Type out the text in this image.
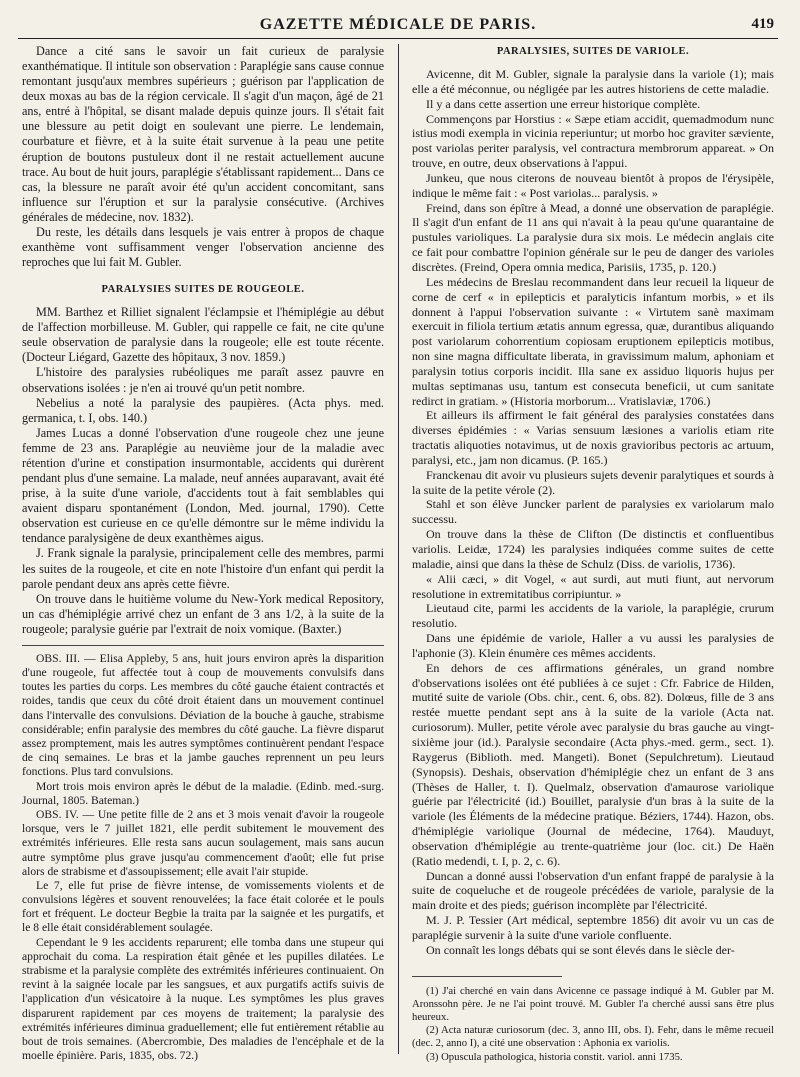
GAZETTE MÉDICALE DE PARIS.	419

Dance a cité sans le savoir un fait curieux de paralysie exanthématique. Il intitule son observation : Paraplégie sans cause connue remontant jusqu'aux membres supérieurs ; guérison par l'application de deux moxas au bas de la région cervicale. Il s'agit d'un maçon, âgé de 21 ans, entré à l'hôpital, se disant malade depuis quinze jours. Il s'était fait une blessure au petit doigt en soulevant une pierre. Le lendemain, courbature et fièvre, et à la suite était survenue à la peau une petite éruption de boutons pustuleux dont il ne restait actuellement aucune trace. Au bout de huit jours, paraplégie s'établissant rapidement... Dans ce cas, la blessure ne paraît avoir été qu'un accident concomitant, sans influence sur l'éruption et sur la paralysie consécutive. (Archives générales de médecine, nov. 1832).

Du reste, les détails dans lesquels je vais entrer à propos de chaque exanthème vont suffisamment venger l'observation ancienne des reproches que lui fait M. Gubler.

PARALYSIES SUITES DE ROUGEOLE.

MM. Barthez et Rilliet signalent l'éclampsie et l'hémiplégie au début de l'affection morbilleuse. M. Gubler, qui rappelle ce fait, ne cite qu'une seule observation de paralysie dans la rougeole; elle est toute récente. (Docteur Liégard, Gazette des hôpitaux, 3 nov. 1859.)

L'histoire des paralysies rubéoliques me paraît assez pauvre en observations isolées : je n'en ai trouvé qu'un petit nombre.

Nebelius a noté la paralysie des paupières. (Acta phys. med. germanica, t. I, obs. 140.)

James Lucas a donné l'observation d'une rougeole chez une jeune femme de 23 ans. Paraplégie au neuvième jour de la maladie avec rétention d'urine et constipation insurmontable, accidents qui durèrent pendant plus d'une semaine. La malade, neuf années auparavant, avait été prise, à la suite d'une variole, d'accidents tout à fait semblables qui avaient disparu spontanément (London, Med. journal, 1790). Cette observation est curieuse en ce qu'elle démontre sur le même individu la tendance paralysigène de deux exanthèmes aigus.

J. Frank signale la paralysie, principalement celle des membres, parmi les suites de la rougeole, et cite en note l'histoire d'un enfant qui perdit la parole pendant deux ans après cette fièvre.

On trouve dans le huitième volume du New-York medical Repository, un cas d'hémiplégie arrivé chez un enfant de 3 ans 1/2, à la suite de la rougeole; paralysie guérie par l'extrait de noix vomique. (Baxter.)

OBS. III. — Elisa Appleby, 5 ans, huit jours environ après la disparition d'une rougeole, fut affectée tout à coup de mouvements convulsifs dans toutes les parties du corps. Les membres du côté gauche étaient contractés et roides, tandis que ceux du côté droit étaient dans un mouvement continuel dans l'intervalle des convulsions. Déviation de la bouche à gauche, strabisme considérable; enfin paralysie des membres du côté gauche. La fièvre disparut assez promptement, mais les autres symptômes continuèrent pendant l'espace de cinq semaines. Le bras et la jambe gauches reprennent un peu leurs fonctions. Plus tard convulsions.

Mort trois mois environ après le début de la maladie. (Edinb. med.-surg. Journal, 1805. Bateman.)

OBS. IV. — Une petite fille de 2 ans et 3 mois venait d'avoir la rougeole lorsque, vers le 7 juillet 1821, elle perdit subitement le mouvement des extrémités inférieures. Elle resta sans aucun soulagement, mais sans aucun autre symptôme plus grave jusqu'au commencement d'août; elle fut prise alors de strabisme et d'assoupissement; elle avait l'air stupide.

Le 7, elle fut prise de fièvre intense, de vomissements violents et de convulsions légères et souvent renouvelées; la face était colorée et le pouls fort et fréquent. Le docteur Begbie la traita par la saignée et les purgatifs, et le 8 elle était considérablement soulagée.

Cependant le 9 les accidents reparurent; elle tomba dans une stupeur qui approchait du coma. La respiration était gênée et les pupilles dilatées. Le strabisme et la paralysie complète des extrémités inférieures continuaient. On revint à la saignée locale par les sangsues, et aux purgatifs actifs suivis de l'application d'un vésicatoire à la nuque. Les symptômes les plus graves disparurent rapidement par ces moyens de traitement; la paralysie des extrémités inférieures diminua graduellement; elle fut entièrement rétablie au bout de trois semaines. (Abercrombie, Des maladies de l'encéphale et de la moelle épinière. Paris, 1835, obs. 72.)

PARALYSIES, SUITES DE VARIOLE.

Avicenne, dit M. Gubler, signale la paralysie dans la variole (1); mais elle a été méconnue, ou négligée par les autres historiens de cette maladie.

Il y a dans cette assertion une erreur historique complète.

Commençons par Horstius : « Sæpe etiam accidit, quemadmodum nunc istius modi exempla in vicinia reperiuntur; ut morbo hoc graviter sæviente, post variolas periter paralysis, vel contractura membrorum appareat. » On trouve, en outre, deux observations à l'appui.

Junkeu, que nous citerons de nouveau bientôt à propos de l'érysipèle, indique le même fait : « Post variolas... paralysis. »

Freind, dans son épître à Mead, a donné une observation de paraplégie. Il s'agit d'un enfant de 11 ans qui n'avait à la peau qu'une quarantaine de pustules varioliques. La paralysie dura six mois. Le médecin anglais cite ce fait pour combattre l'opinion générale sur le peu de danger des varioles discrètes. (Freind, Opera omnia medica, Parisiis, 1735, p. 120.)

Les médecins de Breslau recommandent dans leur recueil la liqueur de corne de cerf « in epilepticis et paralyticis infantum morbis, » et ils donnent à l'appui l'observation suivante : « Virtutem sanè maximam exercuit in filiola tertium ætatis annum egressa, quæ, durantibus aliquando post variolarum cohorrentium copiosam eruptionem epilepticis motibus, non sine magna difficultate liberata, in gravissimum malum, aphoniam et paralysin totius corporis incidit. Illa sane ex assiduo liquoris hujus per multas septimanas usu, tantum est consecuta beneficii, ut cum sanitate redirct in gratiam. » (Historia morborum... Vratislaviæ, 1706.)

Et ailleurs ils affirment le fait général des paralysies constatées dans diverses épidémies : « Varias sensuum læsiones a variolis etiam rite tractatis aliquoties notavimus, ut de noxis gravioribus pectoris ac artuum, paralysi, etc., jam non dicamus. (P. 165.)

Franckenau dit avoir vu plusieurs sujets devenir paralytiques et sourds à la suite de la petite vérole (2).

Stahl et son élève Juncker parlent de paralysies ex variolarum malo successu.

On trouve dans la thèse de Clifton (De distinctis et confluentibus variolis. Leidæ, 1724) les paralysies indiquées comme suites de cette maladie, ainsi que dans la thèse de Schulz (Diss. de variolis, 1736).

« Alii cæci, » dit Vogel, « aut surdi, aut muti fiunt, aut nervorum resolutione in extremitatibus corripiuntur. »

Lieutaud cite, parmi les accidents de la variole, la paraplégie, crurum resolutio.

Dans une épidémie de variole, Haller a vu aussi les paralysies de l'aphonie (3). Klein énumère ces mêmes accidents.

En dehors de ces affirmations générales, un grand nombre d'observations isolées ont été publiées à ce sujet : Cfr. Fabrice de Hilden, mutité suite de variole (Obs. chir., cent. 6, obs. 82). Dolœus, fille de 3 ans restée muette pendant sept ans à la suite de la variole (Acta nat. curiosorum). Muller, petite vérole avec paralysie du bras gauche au vingt-sixième jour (id.). Paralysie secondaire (Acta phys.-med. germ., sect. 1). Raygerus (Biblioth. med. Mangeti). Bonet (Sepulchretum). Lieutaud (Synopsis). Deshais, observation d'hémiplégie chez un enfant de 3 ans (Thèses de Haller, t. I). Quelmalz, observation d'amaurose variolique guérie par l'électricité (id.) Bouillet, paralysie d'un bras à la suite de la variole (les Éléments de la médecine pratique. Béziers, 1744). Hazon, obs. d'hémiplégie variolique (Journal de médecine, 1764). Mauduyt, observation d'hémiplégie au trente-quatrième jour (loc. cit.) De Haën (Ratio medendi, t. I, p. 2, c. 6).

Duncan a donné aussi l'observation d'un enfant frappé de paralysie à la suite de coqueluche et de rougeole précédées de variole, paralysie de la main droite et des pieds; guérison incomplète par l'électricité.

M. J. P. Tessier (Art médical, septembre 1856) dit avoir vu un cas de paraplégie survenir à la suite d'une variole confluente.

On connaît les longs débats qui se sont élevés dans le siècle der-

(1) J'ai cherché en vain dans Avicenne ce passage indiqué à M. Gubler par M. Aronssohn père. Je ne l'ai point trouvé. M. Gubler l'a cherché aussi sans être plus heureux.

(2) Acta naturæ curiosorum (dec. 3, anno III, obs. I). Fehr, dans le même recueil (dec. 2, anno I), a cité une observation : Aphonia ex variolis.

(3) Opuscula pathologica, historia constit. variol. anni 1735.
